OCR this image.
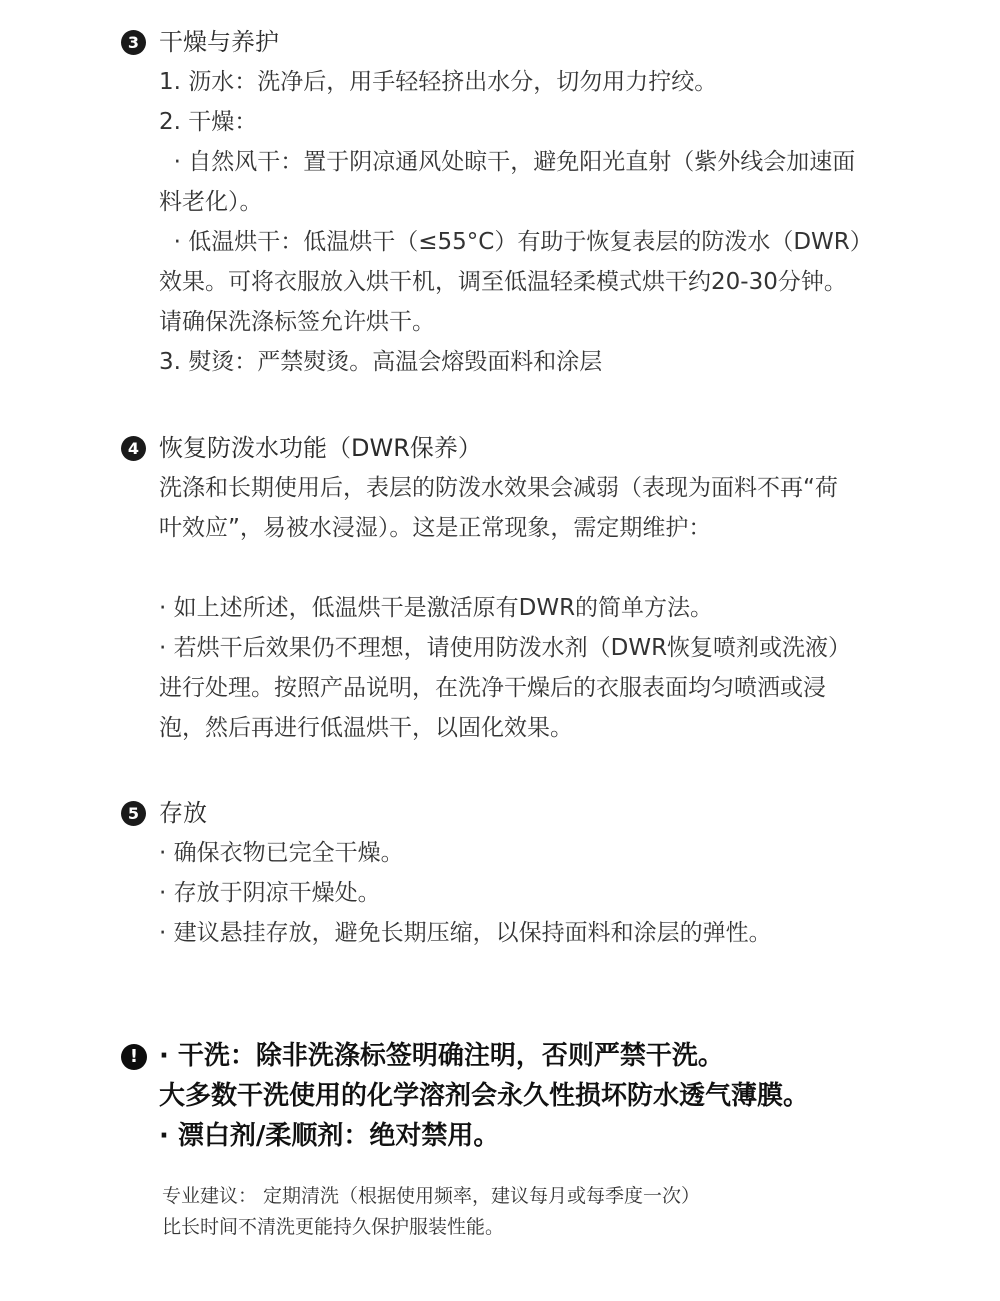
3 干燥与养护
1. 沥水：洗净后，用手轻轻挤出水分，切勿用力拧绞。
2. 干燥：
· 自然风干：置于阴凉通风处晾干，避免阳光直射（紫外线会加速面
料老化）。
· 低温烘干：低温烘干（≤55°C）有助于恢复表层的防泼水（DWR）
效果。可将衣服放入烘干机，调至低温轻柔模式烘干约20-30分钟。
请确保洗涤标签允许烘干。
3. 熨烫：严禁熨烫。高温会熔毁面料和涂层
4 恢复防泼水功能（DWR保养）
洗涤和长期使用后，表层的防泼水效果会减弱（表现为面料不再“荷
叶效应”，易被水浸湿）。这是正常现象，需定期维护：
· 如上述所述，低温烘干是激活原有DWR的简单方法。
· 若烘干后效果仍不理想，请使用防泼水剂（DWR恢复喷剂或洗液）
进行处理。按照产品说明，在洗净干燥后的衣服表面均匀喷洒或浸
泡，然后再进行低温烘干，以固化效果。
5 存放
· 确保衣物已完全干燥。
· 存放于阴凉干燥处。
· 建议悬挂存放，避免长期压缩，以保持面料和涂层的弹性。
! · 干洗：除非洗涤标签明确注明，否则严禁干洗。
大多数干洗使用的化学溶剂会永久性损坏防水透气薄膜。
· 漂白剂/柔顺剂：绝对禁用。
专业建议： 定期清洗（根据使用频率，建议每月或每季度一次）
比长时间不清洗更能持久保护服装性能。
